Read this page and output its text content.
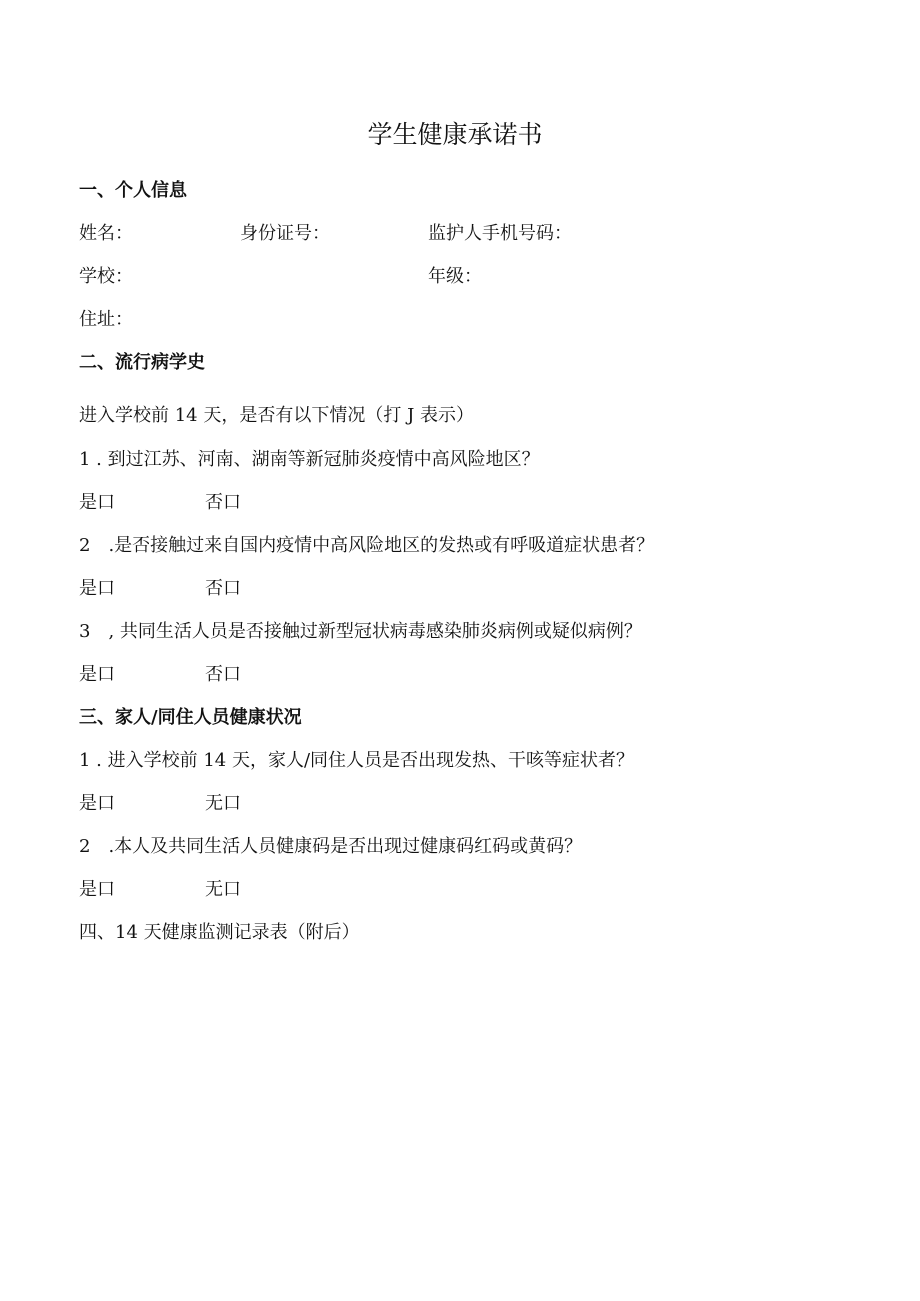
学生健康承诺书
一、个人信息
姓名：	身份证号：	监护人手机号码：
学校：	年级：
住址：
二、流行病学史
进入学校前 14 天，是否有以下情况（打 J 表示）
1 . 到过江苏、河南、湖南等新冠肺炎疫情中高风险地区？
是口	否口
2　.是否接触过来自国内疫情中高风险地区的发热或有呼吸道症状患者？
是口	否口
3　, 共同生活人员是否接触过新型冠状病毒感染肺炎病例或疑似病例？
是口	否口
三、家人/同住人员健康状况
1 . 进入学校前 14 天，家人/同住人员是否出现发热、干咳等症状者？
是口	无口
2　.本人及共同生活人员健康码是否出现过健康码红码或黄码？
是口	无口
四、14 天健康监测记录表（附后）
